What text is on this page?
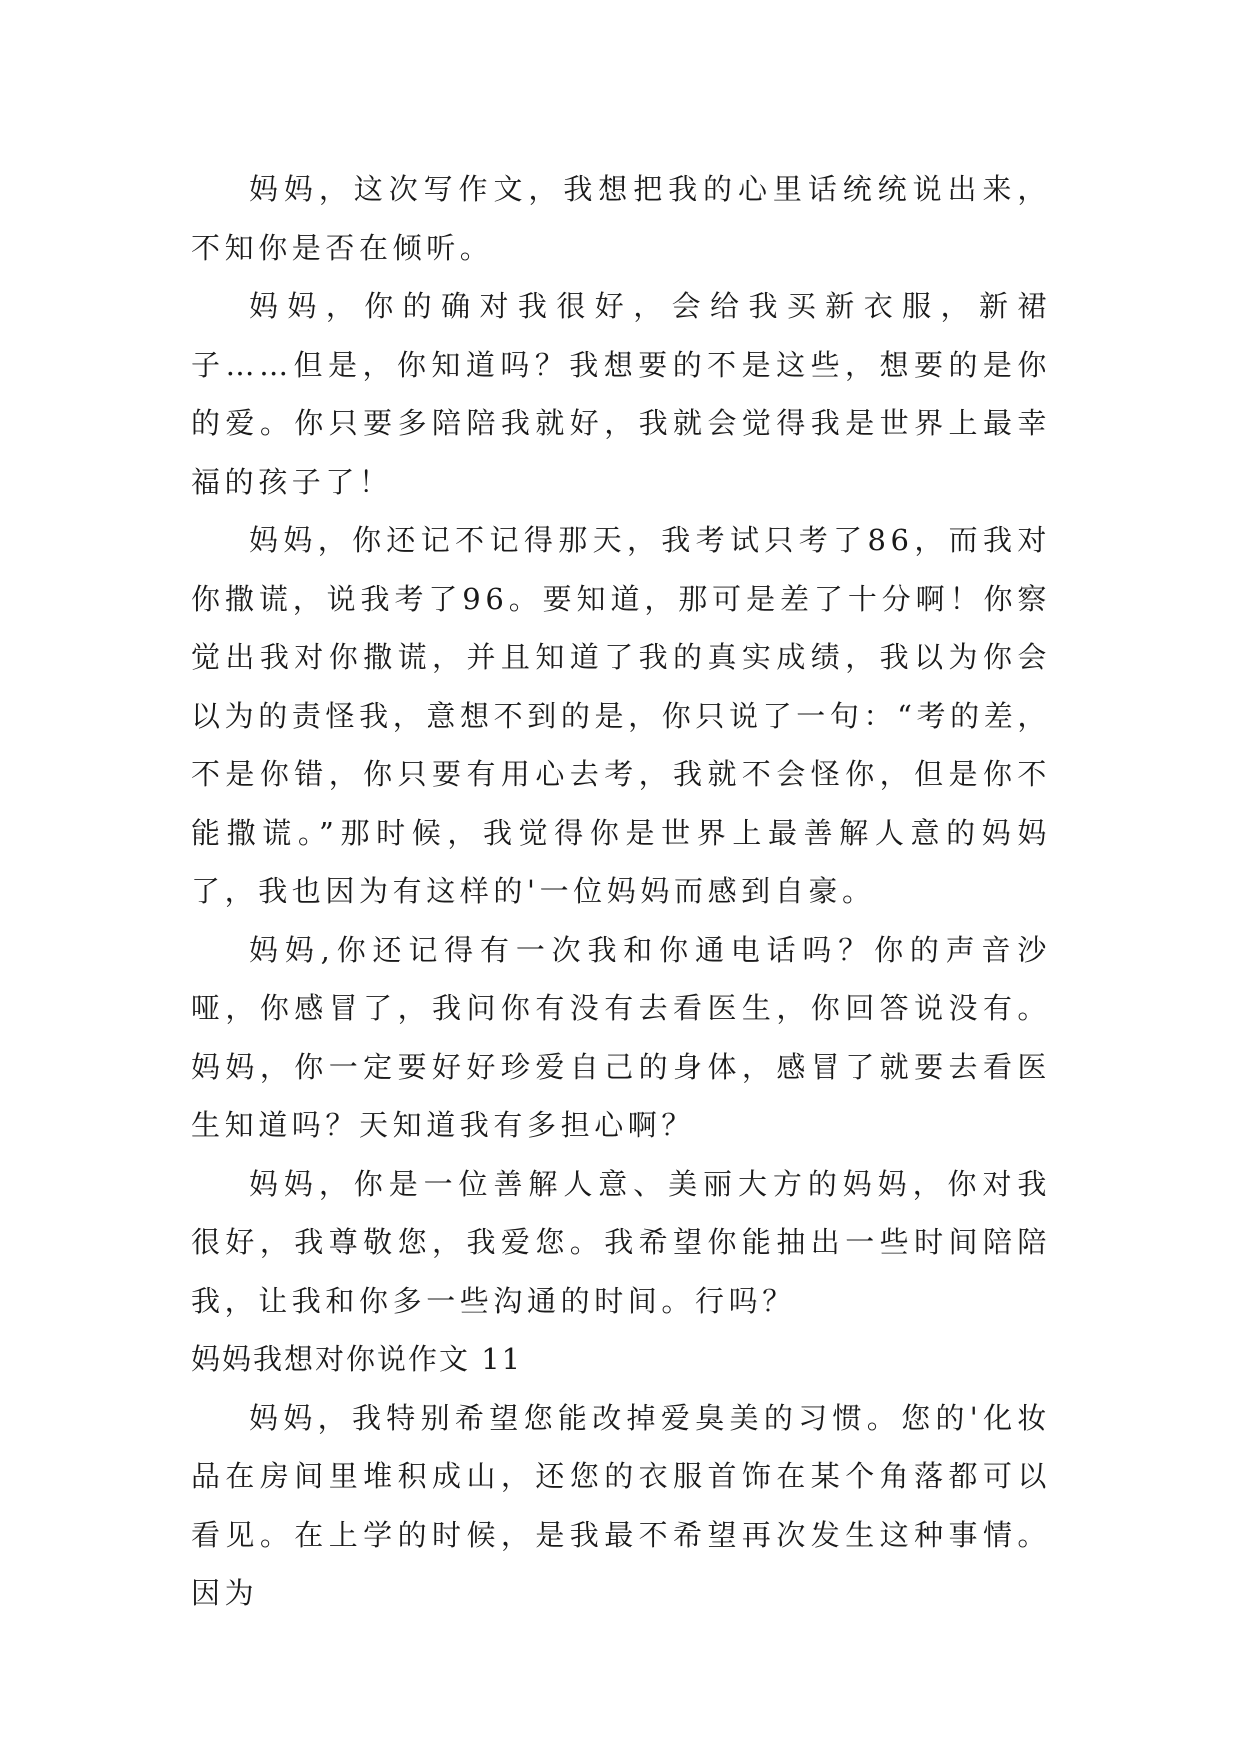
妈妈，这次写作文，我想把我的心里话统统说出来，不知你是否在倾听。

妈妈，你的确对我很好，会给我买新衣服，新裙子……但是，你知道吗？我想要的不是这些，想要的是你的爱。你只要多陪陪我就好，我就会觉得我是世界上最幸福的孩子了！

妈妈，你还记不记得那天，我考试只考了86，而我对你撒谎，说我考了96。要知道，那可是差了十分啊！你察觉出我对你撒谎，并且知道了我的真实成绩，我以为你会以为的责怪我，意想不到的是，你只说了一句：“考的差，不是你错，你只要有用心去考，我就不会怪你，但是你不能撒谎。”那时候，我觉得你是世界上最善解人意的妈妈了，我也因为有这样的'一位妈妈而感到自豪。

妈妈,你还记得有一次我和你通电话吗？你的声音沙哑，你感冒了，我问你有没有去看医生，你回答说没有。妈妈，你一定要好好珍爱自己的身体，感冒了就要去看医生知道吗？天知道我有多担心啊？

妈妈，你是一位善解人意、美丽大方的妈妈，你对我很好，我尊敬您，我爱您。我希望你能抽出一些时间陪陪我，让我和你多一些沟通的时间。行吗？

妈妈我想对你说作文 11

妈妈，我特别希望您能改掉爱臭美的习惯。您的'化妆品在房间里堆积成山，还您的衣服首饰在某个角落都可以看见。在上学的时候，是我最不希望再次发生这种事情。因为
